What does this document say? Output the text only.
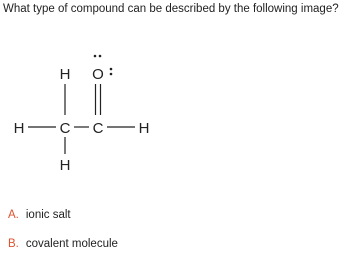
What type of compound can be described by the following image?
H O
H C C H
H
A. ionic salt
B. covalent molecule
